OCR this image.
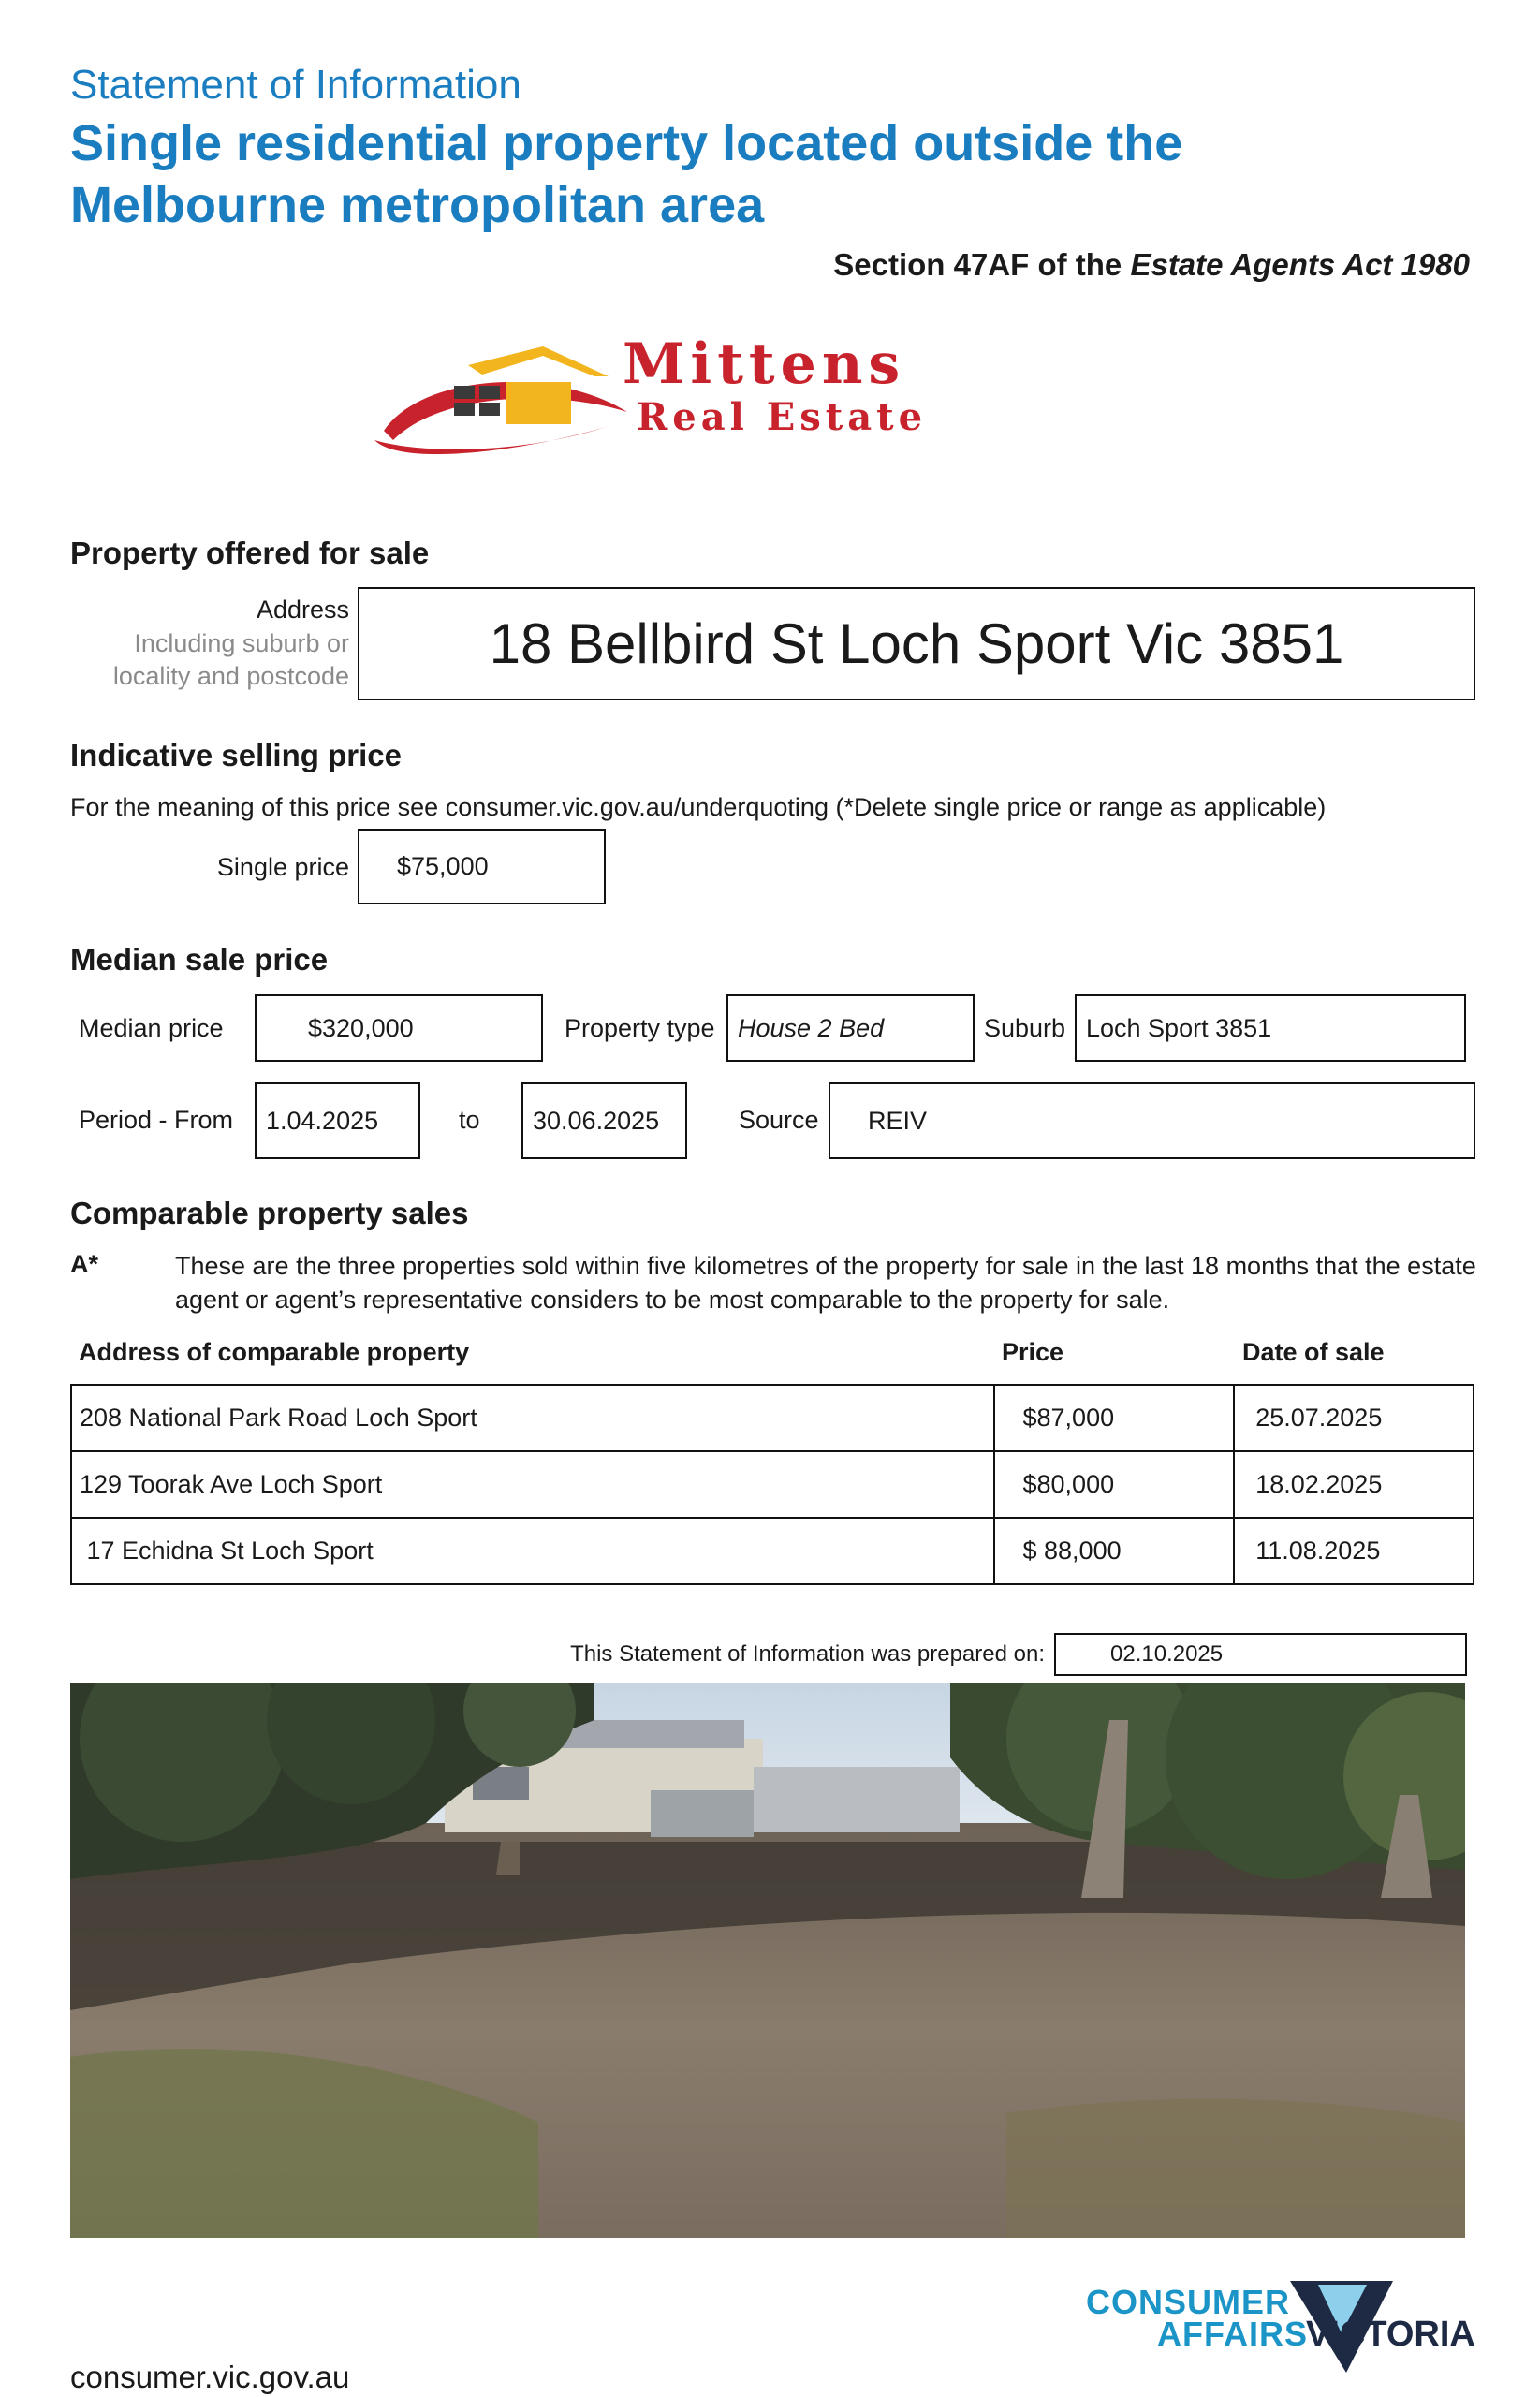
Statement of Information
Single residential property located outside the Melbourne metropolitan area
Section 47AF of the Estate Agents Act 1980
Mittens
Real Estate
Property offered for sale
Address
Including suburb or
locality and postcode
18 Bellbird St Loch Sport Vic 3851
Indicative selling price
For the meaning of this price see consumer.vic.gov.au/underquoting (*Delete single price or range as applicable)
Single price $75,000
Median sale price
Median price	$320,000	Property type House 2 Bed	Suburb Loch Sport 3851
Period - From 1.04.2025	to 30.06.2025	Source REIV
Comparable property sales
A*	These are the three properties sold within five kilometres of the property for sale in the last 18 months that the estate agent or agent’s representative considers to be most comparable to the property for sale.
Address of comparable property	Price	Date of sale
208 National Park Road Loch Sport	$87,000	25.07.2025
129 Toorak Ave Loch Sport	$80,000	18.02.2025
17 Echidna St Loch Sport	$ 88,000	11.08.2025
This Statement of Information was prepared on:	02.10.2025
CONSUMER
AFFAIRS
VICTORIA
consumer.vic.gov.au
